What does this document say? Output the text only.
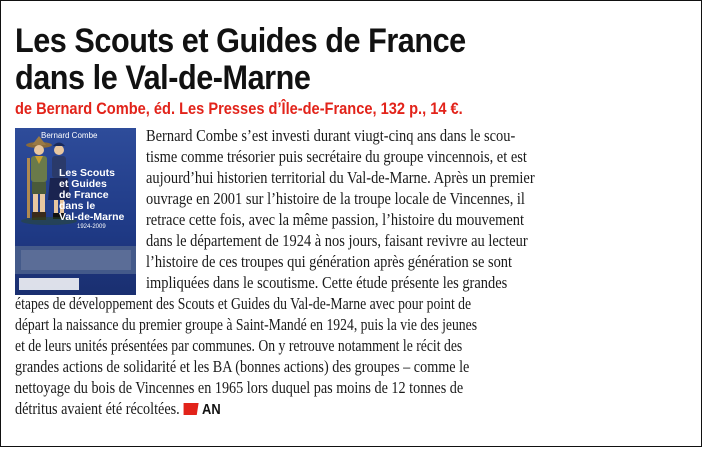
Les Scouts et Guides de France
dans le Val-de-Marne
de Bernard Combe, éd. Les Presses d’Île-de-France, 132 p., 14 €.
Bernard Combe
Les Scouts
et Guides
de France
dans le
Val-de-Marne
1924-2009
Bernard Combe s’est investi durant viugt-cinq ans dans le scou-
tisme comme trésorier puis secrétaire du groupe vincennois, et est
aujourd’hui historien territorial du Val-de-Marne. Après un premier
ouvrage en 2001 sur l’histoire de la troupe locale de Vincennes, il
retrace cette fois, avec la même passion, l’histoire du mouvement
dans le département de 1924 à nos jours, faisant revivre au lecteur
l’histoire de ces troupes qui génération après génération se sont
impliquées dans le scoutisme. Cette étude présente les grandes
étapes de développement des Scouts et Guides du Val-de-Marne avec pour point de
départ la naissance du premier groupe à Saint-Mandé en 1924, puis la vie des jeunes
et de leurs unités présentées par communes. On y retrouve notamment le récit des
grandes actions de solidarité et les BA (bonnes actions) des groupes – comme le
nettoyage du bois de Vincennes en 1965 lors duquel pas moins de 12 tonnes de
détritus avaient été récoltées. AN
